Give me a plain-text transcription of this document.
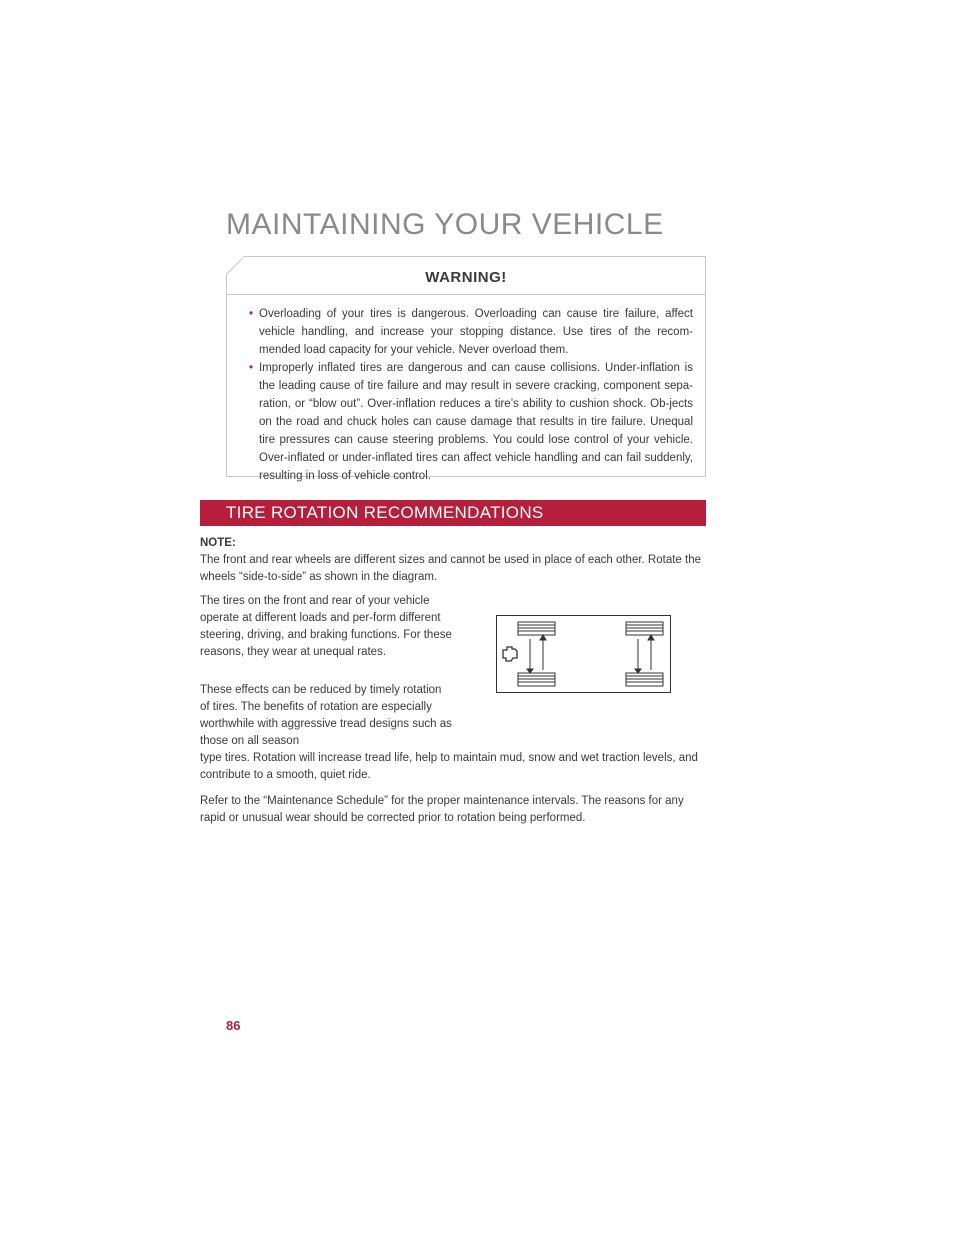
MAINTAINING YOUR VEHICLE
WARNING!
• Overloading of your tires is dangerous. Overloading can cause tire failure, affect vehicle handling, and increase your stopping distance. Use tires of the recom-mended load capacity for your vehicle. Never overload them.
• Improperly inflated tires are dangerous and can cause collisions. Under-inflation is the leading cause of tire failure and may result in severe cracking, component sepa-ration, or “blow out”. Over-inflation reduces a tire’s ability to cushion shock. Ob-jects on the road and chuck holes can cause damage that results in tire failure. Unequal tire pressures can cause steering problems. You could lose control of your vehicle. Over-inflated or under-inflated tires can affect vehicle handling and can fail suddenly, resulting in loss of vehicle control.
TIRE ROTATION RECOMMENDATIONS

NOTE:
The front and rear wheels are different sizes and cannot be used in place of each other. Rotate the wheels “side-to-side” as shown in the diagram.

The tires on the front and rear of your vehicle operate at different loads and per-form different steering, driving, and braking functions. For these reasons, they wear at unequal rates.

These effects can be reduced by timely rotation of tires. The benefits of rotation are especially worthwhile with aggressive tread designs such as those on all season

type tires. Rotation will increase tread life, help to maintain mud, snow and wet traction levels, and contribute to a smooth, quiet ride.

Refer to the “Maintenance Schedule” for the proper maintenance intervals. The reasons for any rapid or unusual wear should be corrected prior to rotation being performed.

86
